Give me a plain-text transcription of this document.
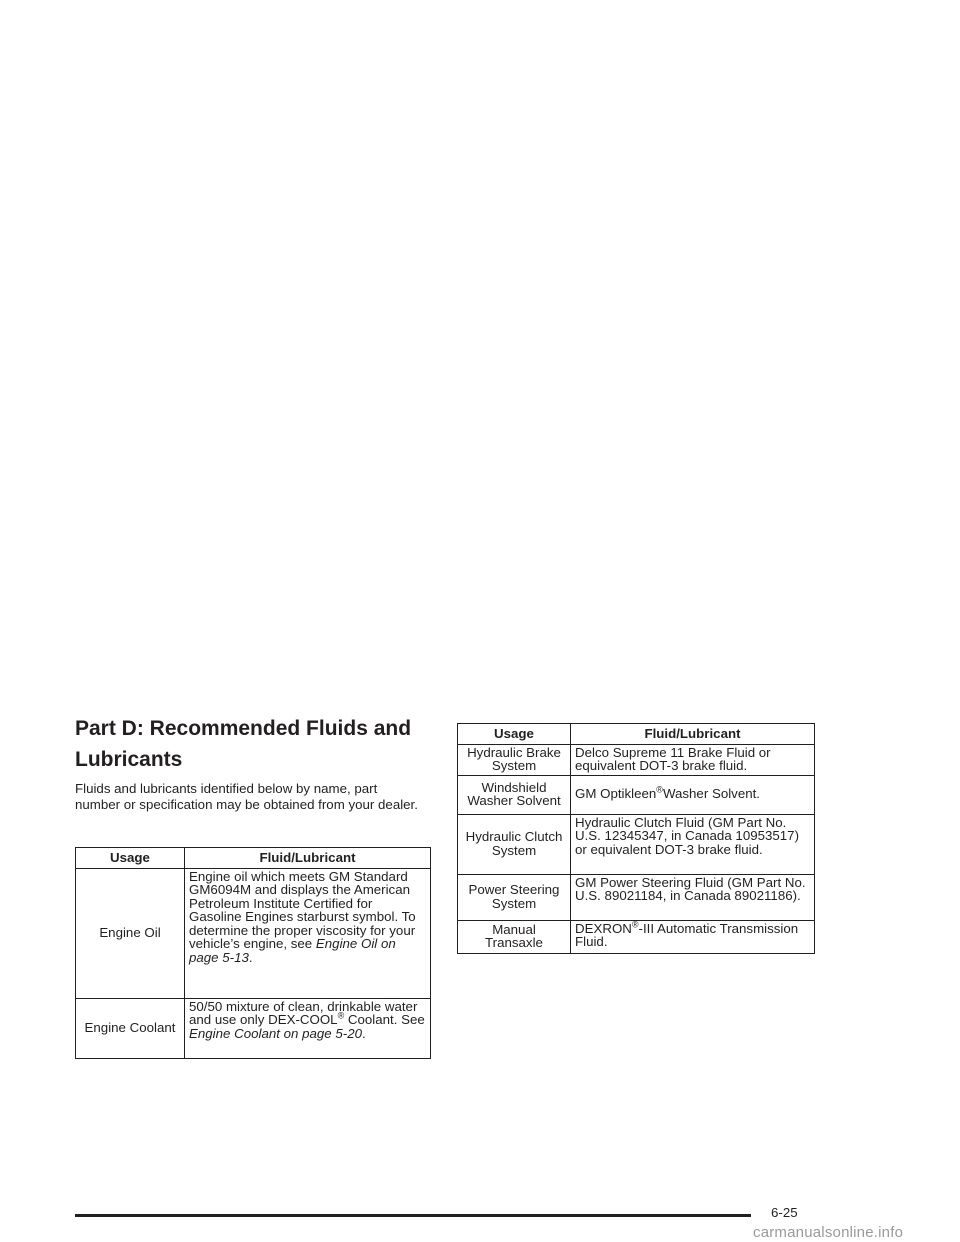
Part D: Recommended Fluids and Lubricants

Fluids and lubricants identified below by name, part number or specification may be obtained from your dealer.

Usage	Fluid/Lubricant
Engine Oil	Engine oil which meets GM Standard GM6094M and displays the American Petroleum Institute Certified for Gasoline Engines starburst symbol. To determine the proper viscosity for your vehicle’s engine, see Engine Oil on page 5-13.
Engine Coolant	50/50 mixture of clean, drinkable water and use only DEX-COOL® Coolant. See Engine Coolant on page 5-20.
Usage	Fluid/Lubricant
Hydraulic Brake System	Delco Supreme 11 Brake Fluid or equivalent DOT-3 brake fluid.
Windshield Washer Solvent	GM Optikleen®Washer Solvent.
Hydraulic Clutch System	Hydraulic Clutch Fluid (GM Part No. U.S. 12345347, in Canada 10953517) or equivalent DOT-3 brake fluid.
Power Steering System	GM Power Steering Fluid (GM Part No. U.S. 89021184, in Canada 89021186).
Manual Transaxle	DEXRON®-III Automatic Transmission Fluid.
6-25
carmanualsonline.info
